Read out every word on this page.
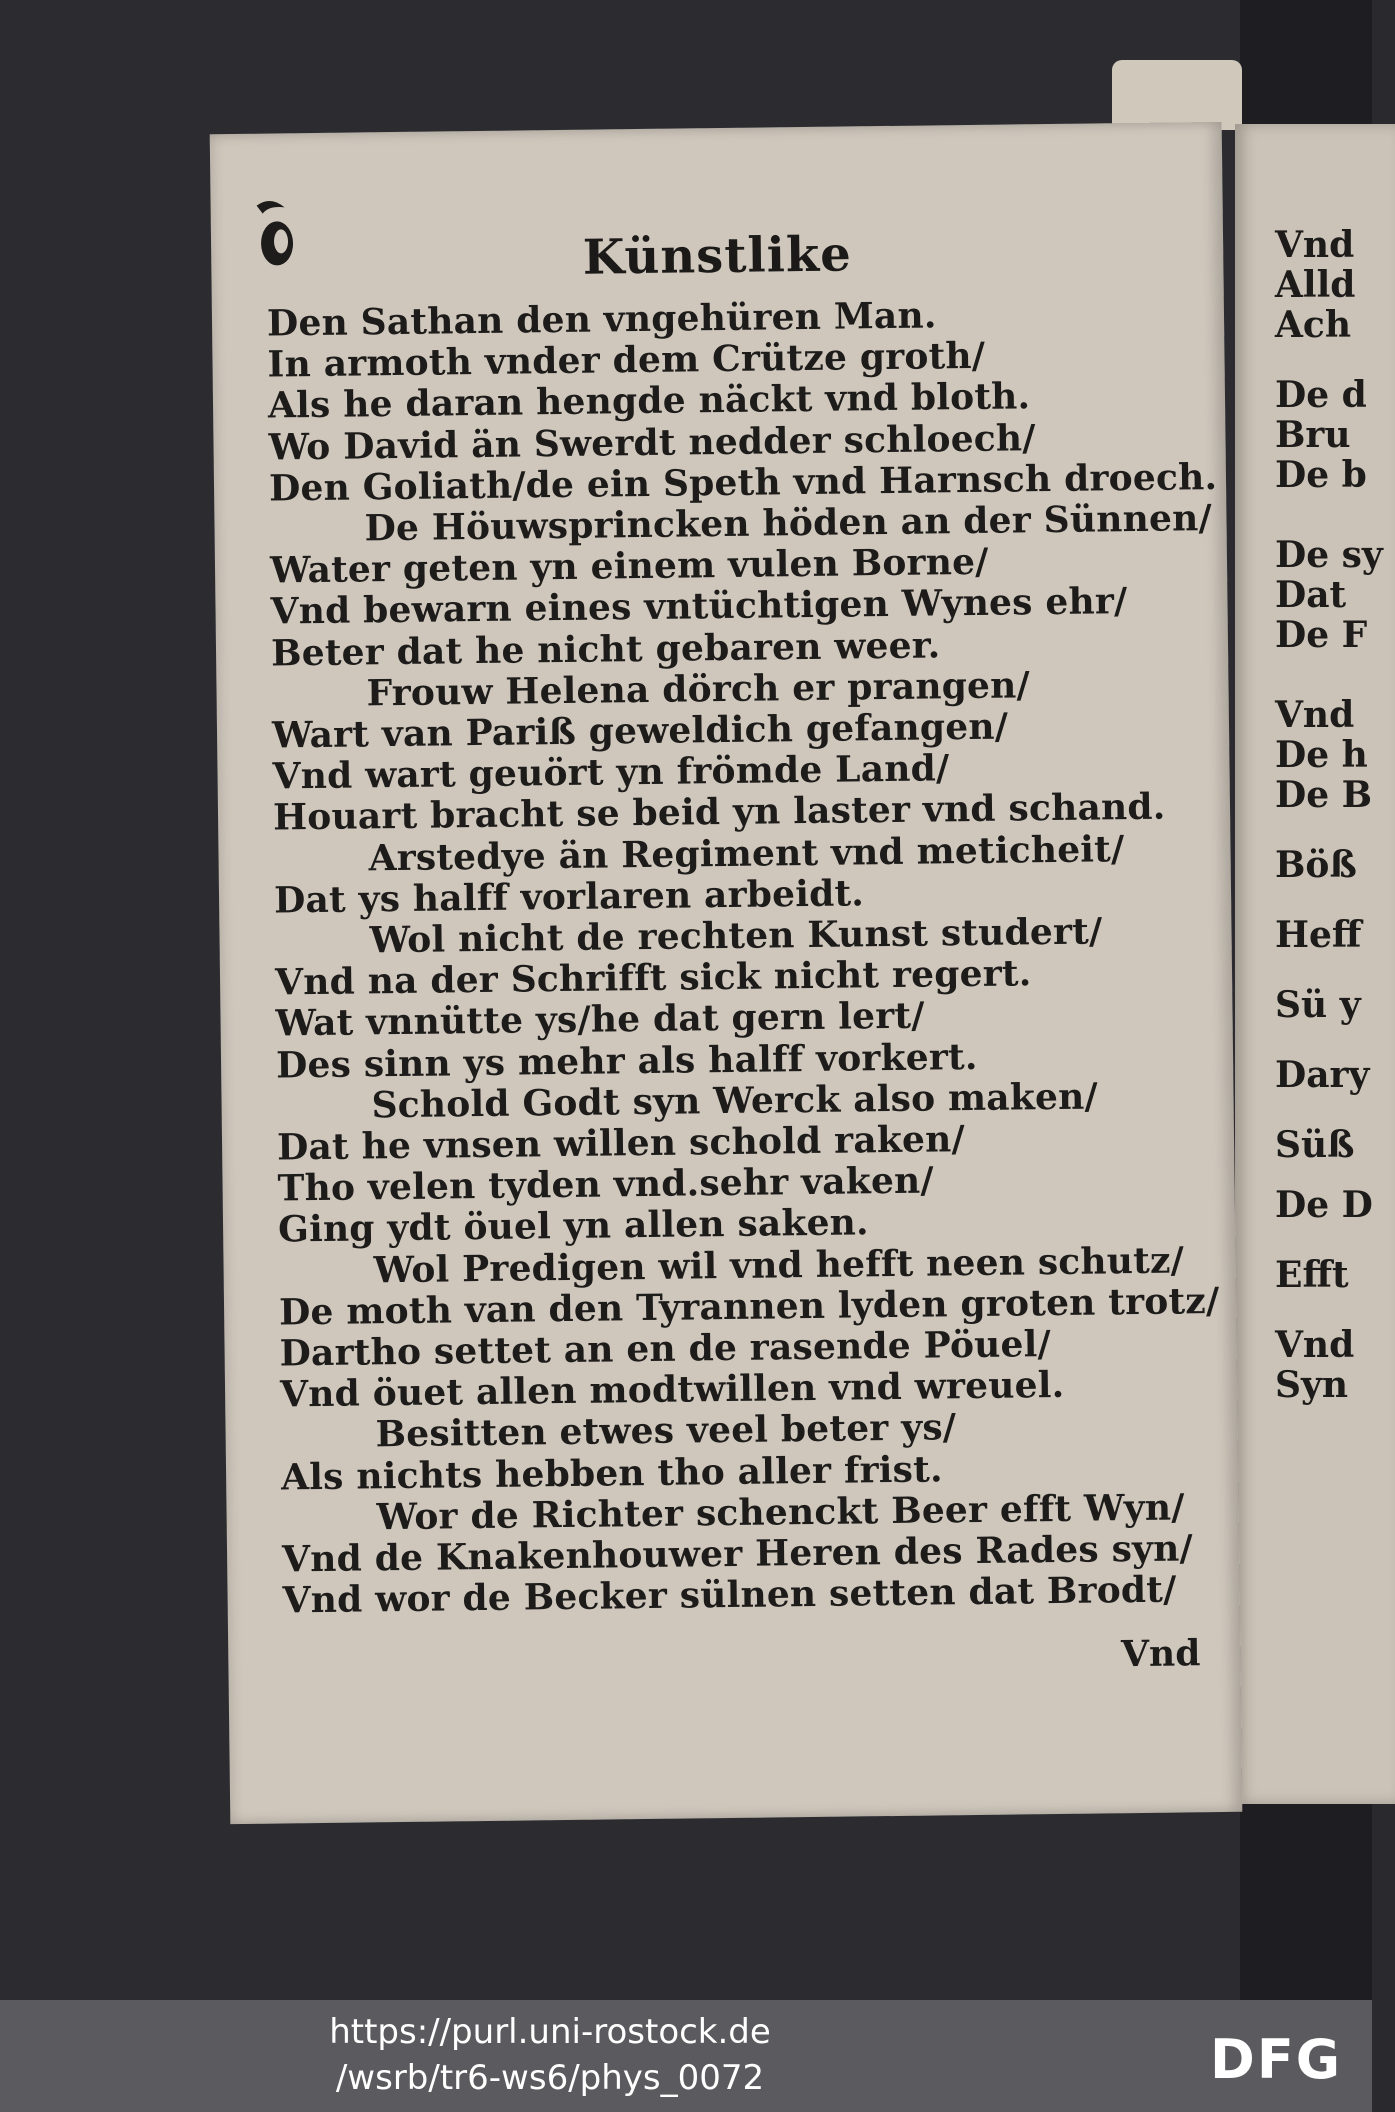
Vnd
Alld
Ach
De d
Bru
De b
De sy
Dat
De F
Vnd
De h
De B
Böß
Heff
Sü y
Dary
Süß
De D
Efft
Vnd
Syn
Künstlike
Den Sathan den vngehüren Man.
In armoth vnder dem Crütze groth/
Als he daran hengde näckt vnd bloth.
Wo David än Swerdt nedder schloech/
Den Goliath/de ein Speth vnd Harnsch droech.
De Höuwsprincken höden an der Sünnen/
Water geten yn einem vulen Borne/
Vnd bewarn eines vntüchtigen Wynes ehr/
Beter dat he nicht gebaren weer.
Frouw Helena dörch er prangen/
Wart van Pariß geweldich gefangen/
Vnd wart geuört yn frömde Land/
Houart bracht se beid yn laster vnd schand.
Arstedye än Regiment vnd meticheit/
Dat ys halff vorlaren arbeidt.
Wol nicht de rechten Kunst studert/
Vnd na der Schrifft sick nicht regert.
Wat vnnütte ys/he dat gern lert/
Des sinn ys mehr als halff vorkert.
Schold Godt syn Werck also maken/
Dat he vnsen willen schold raken/
Tho velen tyden vnd.sehr vaken/
Ging ydt öuel yn allen saken.
Wol Predigen wil vnd hefft neen schutz/
De moth van den Tyrannen lyden groten trotz/
Dartho settet an en de rasende Pöuel/
Vnd öuet allen modtwillen vnd wreuel.
Besitten etwes veel beter ys/
Als nichts hebben tho aller frist.
Wor de Richter schenckt Beer efft Wyn/
Vnd de Knakenhouwer Heren des Rades syn/
Vnd wor de Becker sülnen setten dat Brodt/
Vnd
https://purl.uni-rostock.de
/wsrb/tr6-ws6/phys_0072	DFG
